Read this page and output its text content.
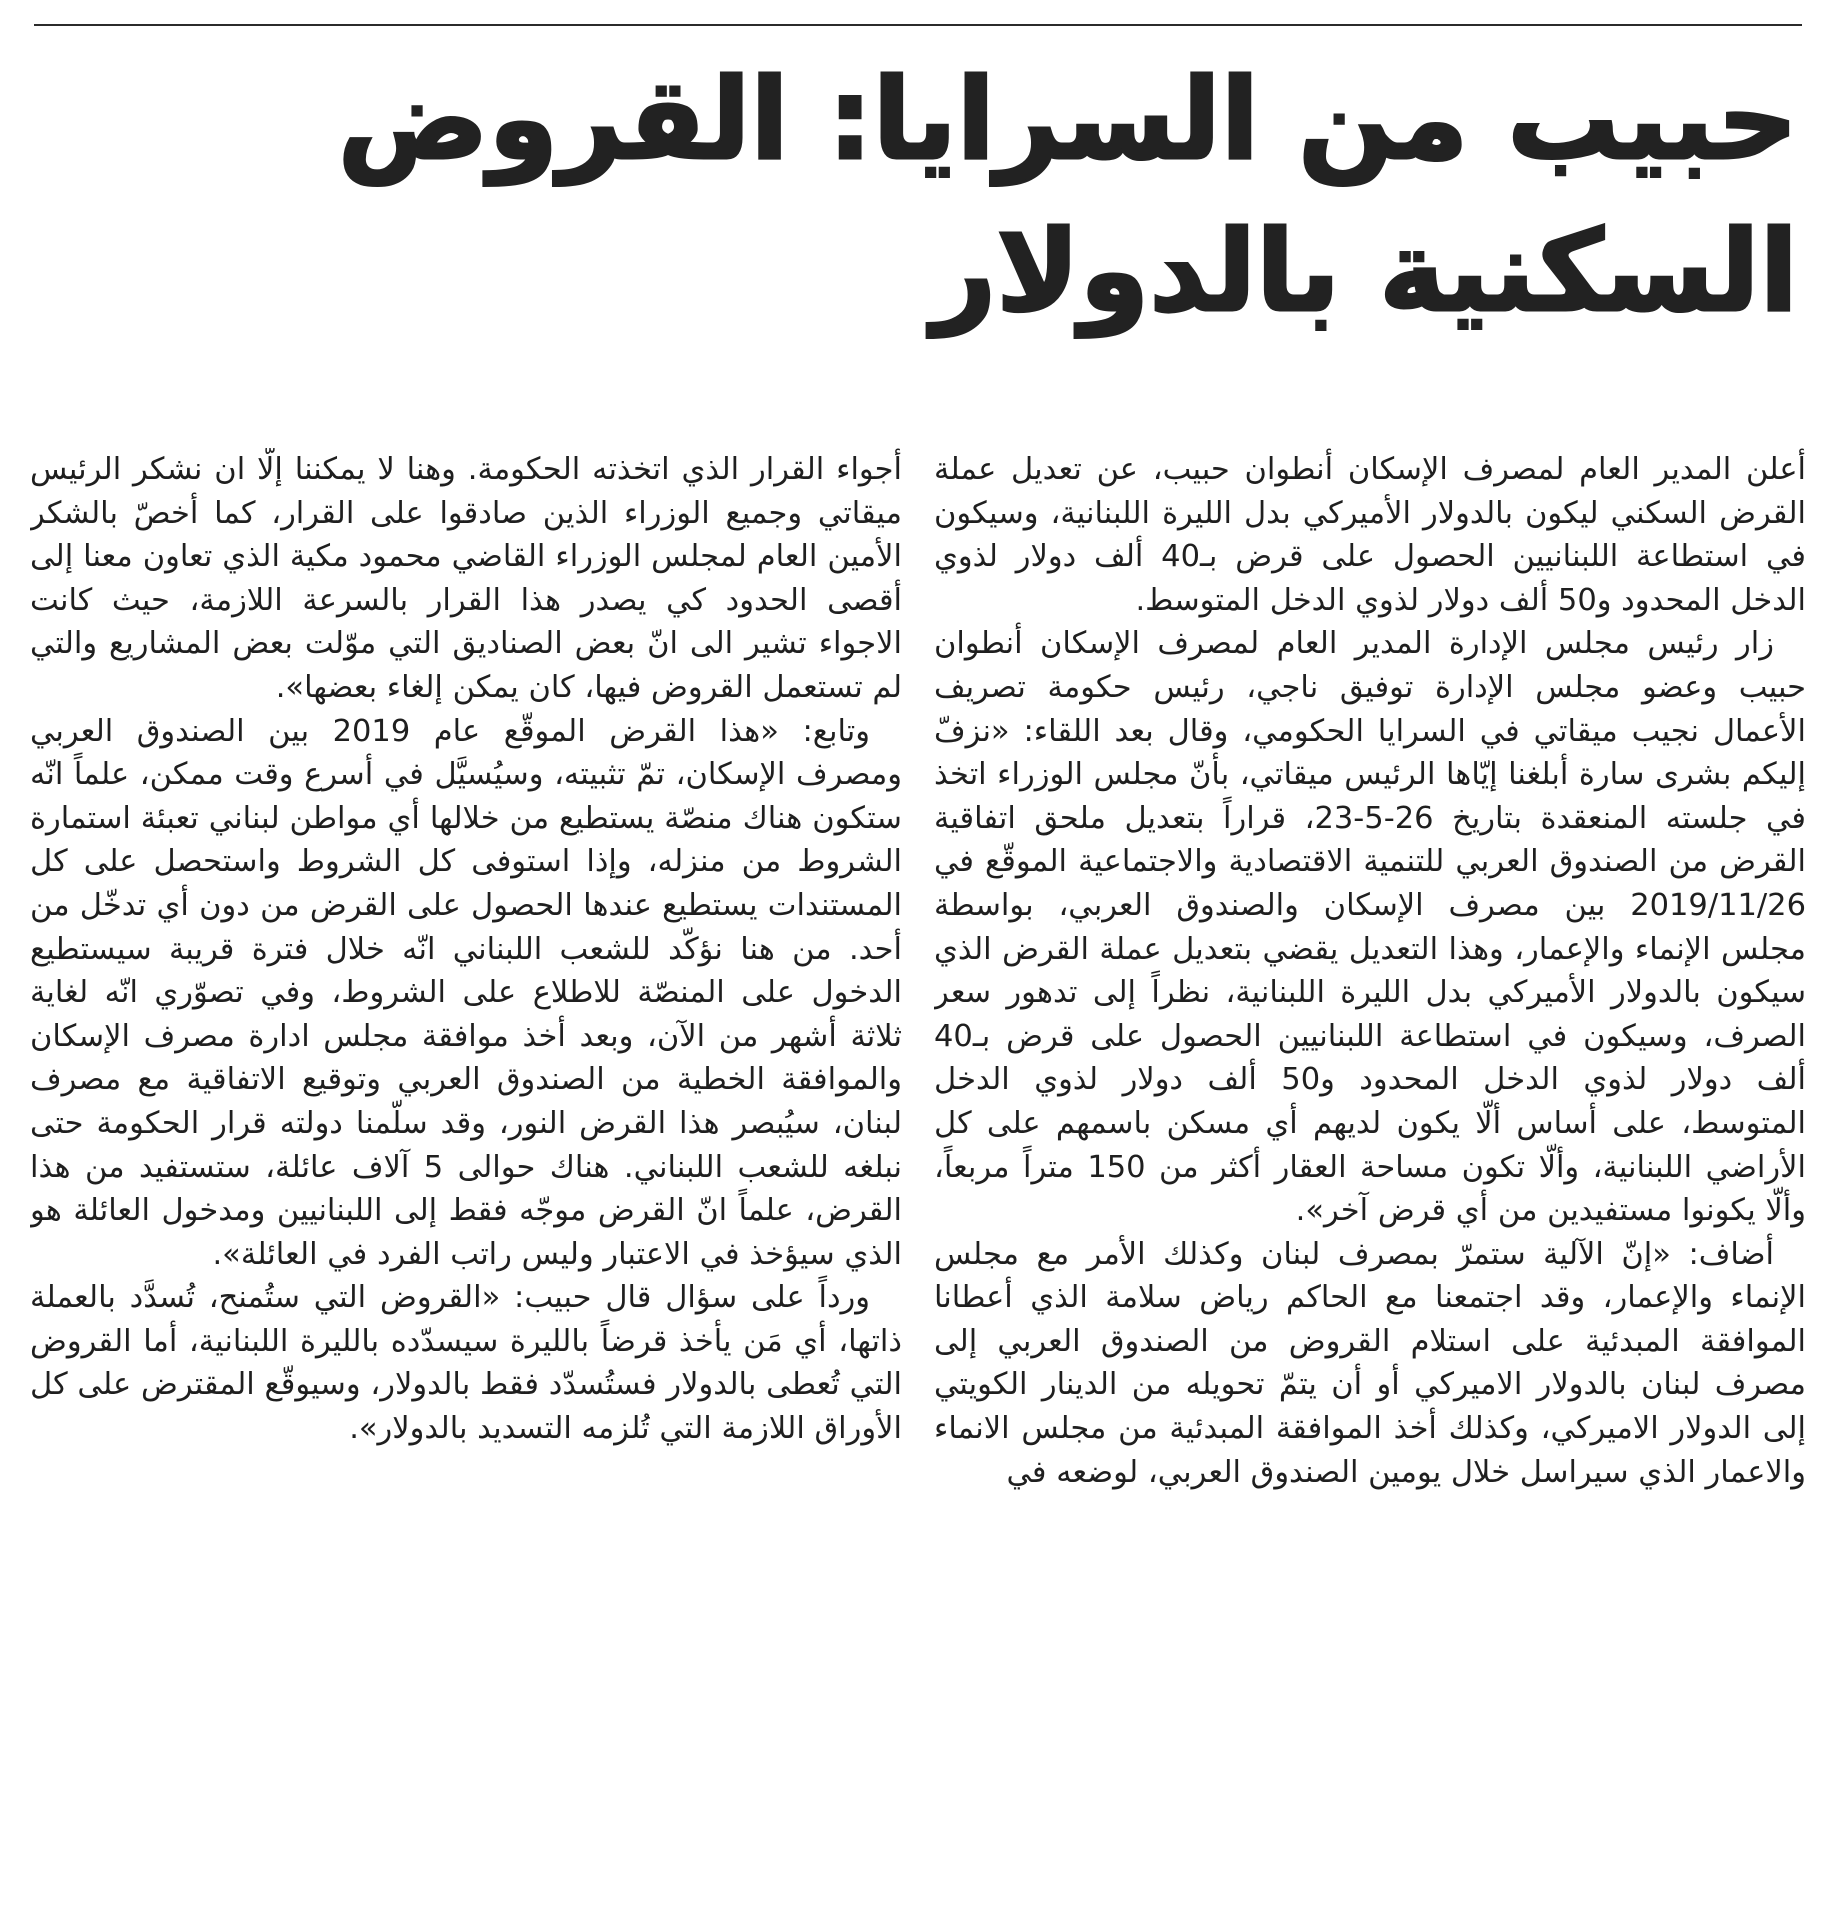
حبيب من السرايا: القروض السكنية بالدولار

أعلن المدير العام لمصرف الإسكان أنطوان حبيب، عن تعديل عملة القرض السكني ليكون بالدولار الأميركي بدل الليرة اللبنانية، وسيكون في استطاعة اللبنانيين الحصول على قرض بـ40 ألف دولار لذوي الدخل المحدود و50 ألف دولار لذوي الدخل المتوسط.

زار رئيس مجلس الإدارة المدير العام لمصرف الإسكان أنطوان حبيب وعضو مجلس الإدارة توفيق ناجي، رئيس حكومة تصريف الأعمال نجيب ميقاتي في السرايا الحكومي، وقال بعد اللقاء: «نزفّ إليكم بشرى سارة أبلغنا إيّاها الرئيس ميقاتي، بأنّ مجلس الوزراء اتخذ في جلسته المنعقدة بتاريخ 26-5-23، قراراً بتعديل ملحق اتفاقية القرض من الصندوق العربي للتنمية الاقتصادية والاجتماعية الموقّع في 2019/11/26 بين مصرف الإسكان والصندوق العربي، بواسطة مجلس الإنماء والإعمار، وهذا التعديل يقضي بتعديل عملة القرض الذي سيكون بالدولار الأميركي بدل الليرة اللبنانية، نظراً إلى تدهور سعر الصرف، وسيكون في استطاعة اللبنانيين الحصول على قرض بـ40 ألف دولار لذوي الدخل المحدود و50 ألف دولار لذوي الدخل المتوسط، على أساس ألّا يكون لديهم أي مسكن باسمهم على كل الأراضي اللبنانية، وألّا تكون مساحة العقار أكثر من 150 متراً مربعاً، وألّا يكونوا مستفيدين من أي قرض آخر».

أضاف: «إنّ الآلية ستمرّ بمصرف لبنان وكذلك الأمر مع مجلس الإنماء والإعمار، وقد اجتمعنا مع الحاكم رياض سلامة الذي أعطانا الموافقة المبدئية على استلام القروض من الصندوق العربي إلى مصرف لبنان بالدولار الاميركي أو أن يتمّ تحويله من الدينار الكويتي إلى الدولار الاميركي، وكذلك أخذ الموافقة المبدئية من مجلس الانماء والاعمار الذي سيراسل خلال يومين الصندوق العربي، لوضعه في

أجواء القرار الذي اتخذته الحكومة. وهنا لا يمكننا إلّا ان نشكر الرئيس ميقاتي وجميع الوزراء الذين صادقوا على القرار، كما أخصّ بالشكر الأمين العام لمجلس الوزراء القاضي محمود مكية الذي تعاون معنا إلى أقصى الحدود كي يصدر هذا القرار بالسرعة اللازمة، حيث كانت الاجواء تشير الى انّ بعض الصناديق التي موّلت بعض المشاريع والتي لم تستعمل القروض فيها، كان يمكن إلغاء بعضها».

وتابع: «هذا القرض الموقّع عام 2019 بين الصندوق العربي ومصرف الإسكان، تمّ تثبيته، وسيُسيَّل في أسرع وقت ممكن، علماً انّه ستكون هناك منصّة يستطيع من خلالها أي مواطن لبناني تعبئة استمارة الشروط من منزله، وإذا استوفى كل الشروط واستحصل على كل المستندات يستطيع عندها الحصول على القرض من دون أي تدخّل من أحد. من هنا نؤكّد للشعب اللبناني انّه خلال فترة قريبة سيستطيع الدخول على المنصّة للاطلاع على الشروط، وفي تصوّري انّه لغاية ثلاثة أشهر من الآن، وبعد أخذ موافقة مجلس ادارة مصرف الإسكان والموافقة الخطية من الصندوق العربي وتوقيع الاتفاقية مع مصرف لبنان، سيُبصر هذا القرض النور، وقد سلّمنا دولته قرار الحكومة حتى نبلغه للشعب اللبناني. هناك حوالى 5 آلاف عائلة، ستستفيد من هذا القرض، علماً انّ القرض موجّه فقط إلى اللبنانيين ومدخول العائلة هو الذي سيؤخذ في الاعتبار وليس راتب الفرد في العائلة».

ورداً على سؤال قال حبيب: «القروض التي ستُمنح، تُسدَّد بالعملة ذاتها، أي مَن يأخذ قرضاً بالليرة سيسدّده بالليرة اللبنانية، أما القروض التي تُعطى بالدولار فستُسدّد فقط بالدولار، وسيوقّع المقترض على كل الأوراق اللازمة التي تُلزمه التسديد بالدولار».
